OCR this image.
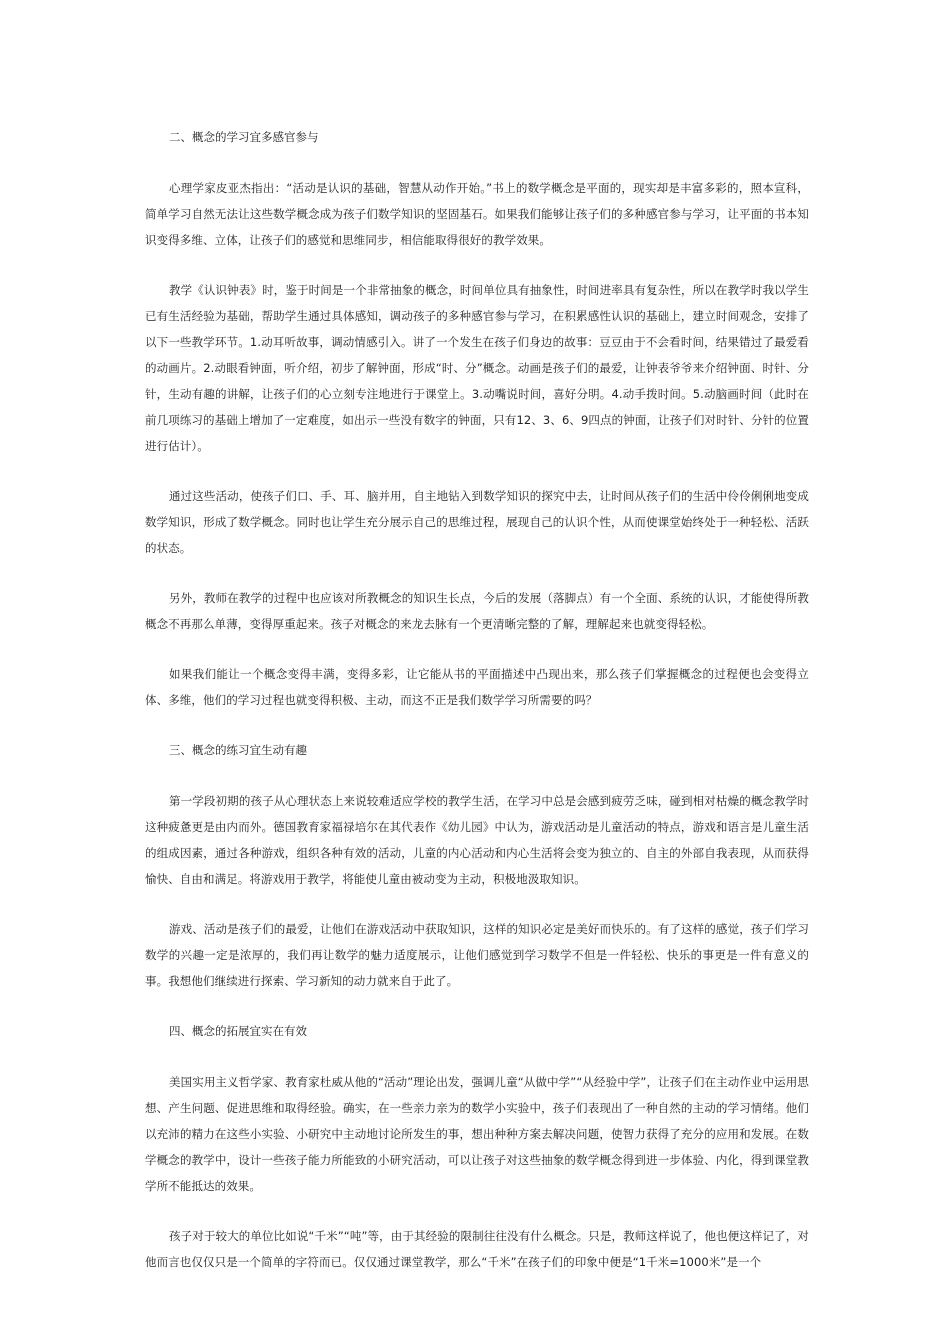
二、概念的学习宜多感官参与

心理学家皮亚杰指出：“活动是认识的基础，智慧从动作开始。”书上的数学概念是平面的，现实却是丰富多彩的，照本宣科，简单学习自然无法让这些数学概念成为孩子们数学知识的坚固基石。如果我们能够让孩子们的多种感官参与学习，让平面的书本知识变得多维、立体，让孩子们的感觉和思维同步，相信能取得很好的教学效果。

教学《认识钟表》时，鉴于时间是一个非常抽象的概念，时间单位具有抽象性，时间进率具有复杂性，所以在教学时我以学生已有生活经验为基础，帮助学生通过具体感知，调动孩子的多种感官参与学习，在积累感性认识的基础上，建立时间观念，安排了以下一些教学环节。1.动耳听故事，调动情感引入。讲了一个发生在孩子们身边的故事：豆豆由于不会看时间，结果错过了最爱看的动画片。2.动眼看钟面，听介绍，初步了解钟面，形成“时、分”概念。动画是孩子们的最爱，让钟表爷爷来介绍钟面、时针、分针，生动有趣的讲解，让孩子们的心立刻专注地进行于课堂上。3.动嘴说时间，喜好分明。4.动手拨时间。5.动脑画时间（此时在前几项练习的基础上增加了一定难度，如出示一些没有数字的钟面，只有12、3、6、9四点的钟面，让孩子们对时针、分针的位置进行估计）。

通过这些活动，使孩子们口、手、耳、脑并用，自主地钻入到数学知识的探究中去，让时间从孩子们的生活中伶伶俐俐地变成数学知识，形成了数学概念。同时也让学生充分展示自己的思维过程，展现自己的认识个性，从而使课堂始终处于一种轻松、活跃的状态。

另外，教师在教学的过程中也应该对所教概念的知识生长点，今后的发展（落脚点）有一个全面、系统的认识，才能使得所教概念不再那么单薄，变得厚重起来。孩子对概念的来龙去脉有一个更清晰完整的了解，理解起来也就变得轻松。

如果我们能让一个概念变得丰满，变得多彩，让它能从书的平面描述中凸现出来，那么孩子们掌握概念的过程便也会变得立体、多维，他们的学习过程也就变得积极、主动，而这不正是我们数学学习所需要的吗？

三、概念的练习宜生动有趣

第一学段初期的孩子从心理状态上来说较难适应学校的教学生活，在学习中总是会感到疲劳乏味，碰到相对枯燥的概念教学时这种疲惫更是由内而外。德国教育家福禄培尔在其代表作《幼儿园》中认为，游戏活动是儿童活动的特点，游戏和语言是儿童生活的组成因素，通过各种游戏，组织各种有效的活动，儿童的内心活动和内心生活将会变为独立的、自主的外部自我表现，从而获得愉快、自由和满足。将游戏用于教学，将能使儿童由被动变为主动，积极地汲取知识。

游戏、活动是孩子们的最爱，让他们在游戏活动中获取知识，这样的知识必定是美好而快乐的。有了这样的感觉，孩子们学习数学的兴趣一定是浓厚的，我们再让数学的魅力适度展示，让他们感觉到学习数学不但是一件轻松、快乐的事更是一件有意义的事。我想他们继续进行探索、学习新知的动力就来自于此了。

四、概念的拓展宜实在有效

美国实用主义哲学家、教育家杜威从他的“活动”理论出发，强调儿童“从做中学”“从经验中学”，让孩子们在主动作业中运用思想、产生问题、促进思维和取得经验。确实，在一些亲力亲为的数学小实验中，孩子们表现出了一种自然的主动的学习情绪。他们以充沛的精力在这些小实验、小研究中主动地讨论所发生的事，想出种种方案去解决问题，使智力获得了充分的应用和发展。在数学概念的教学中，设计一些孩子能力所能致的小研究活动，可以让孩子对这些抽象的数学概念得到进一步体验、内化，得到课堂教学所不能抵达的效果。

孩子对于较大的单位比如说“千米”“吨”等，由于其经验的限制往往没有什么概念。只是，教师这样说了，他也便这样记了，对他而言也仅仅只是一个简单的字符而已。仅仅通过课堂教学，那么“千米”在孩子们的印象中便是“1千米=1000米”是一个
